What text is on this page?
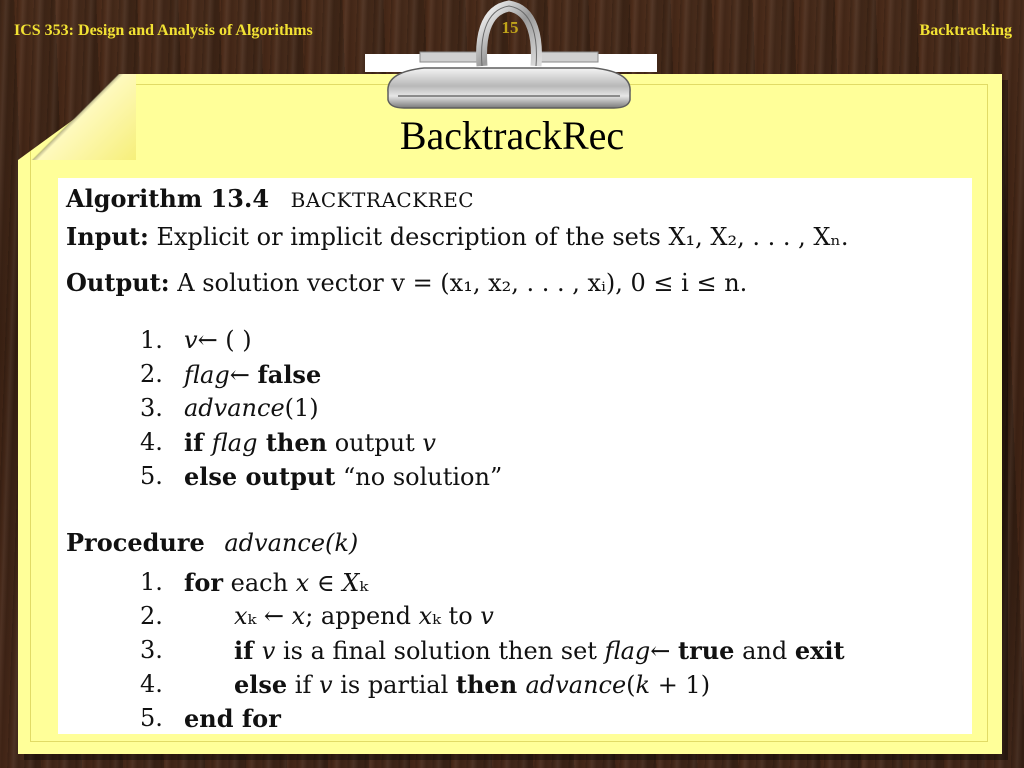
ICS 353: Design and Analysis of Algorithms	Backtracking
15
BacktrackRec
Algorithm 13.4 BACKTRACKREC
Input: Explicit or implicit description of the sets X₁, X₂, . . . , Xₙ.
Output: A solution vector v = (x₁, x₂, . . . , xᵢ), 0 ≤ i ≤ n.
1. v← ( )
2. flag← false
3. advance(1)
4. if flag then output v
5. else output “no solution”
Procedure advance(k)
1. for each x ∈ Xₖ
2.	xₖ ← x; append xₖ to v
3.	if v is a final solution then set flag← true and exit
4.	else if v is partial then advance(k + 1)
5. end for
